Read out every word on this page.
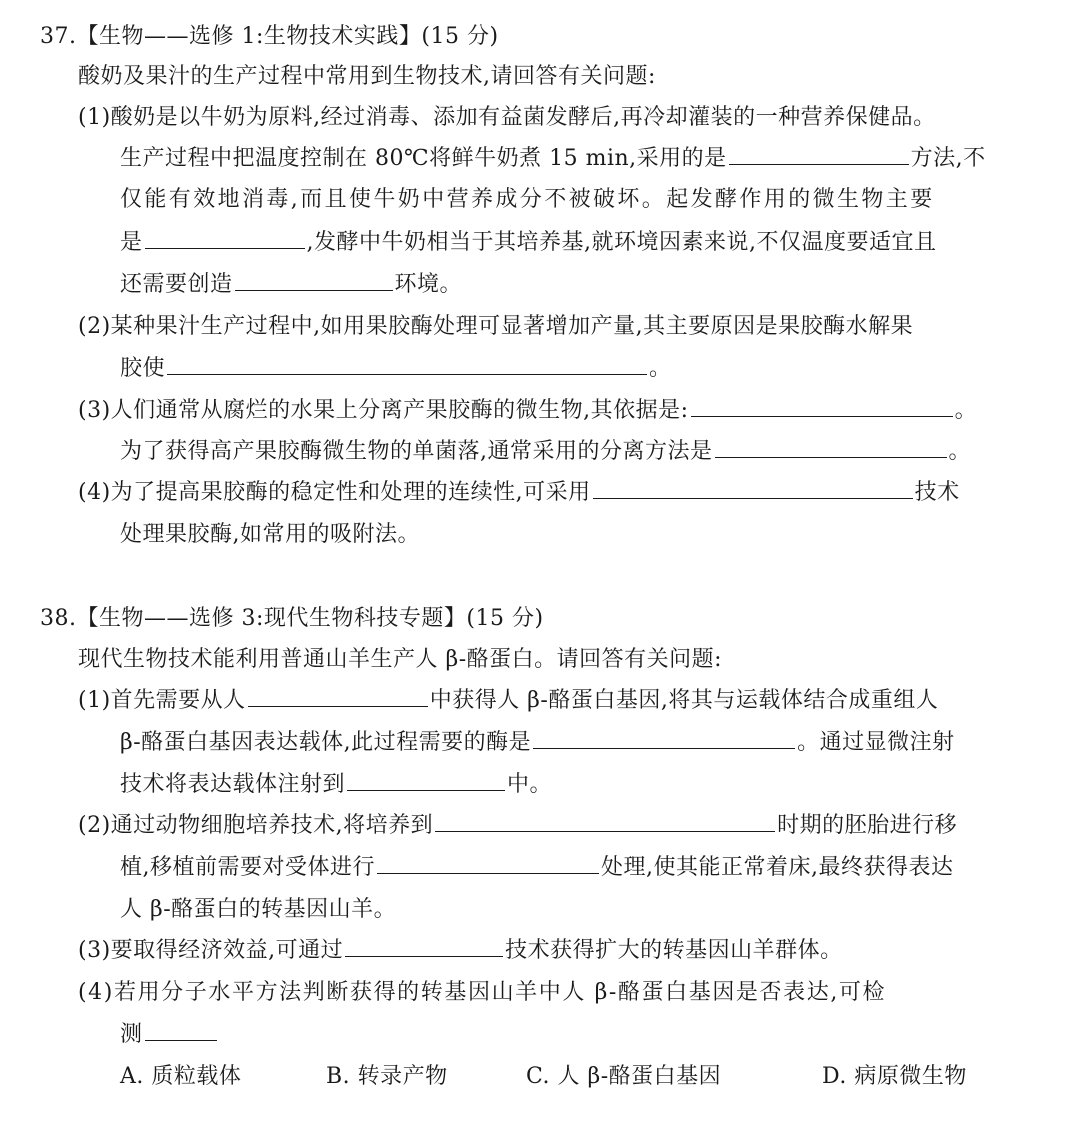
37.【生物——选修 1:生物技术实践】(15 分)
酸奶及果汁的生产过程中常用到生物技术,请回答有关问题:
(1)酸奶是以牛奶为原料,经过消毒、添加有益菌发酵后,再冷却灌装的一种营养保健品。
生产过程中把温度控制在 80℃将鲜牛奶煮 15 min,采用的是	方法,不
仅能有效地消毒,而且使牛奶中营养成分不被破坏。起发酵作用的微生物主要
是	,发酵中牛奶相当于其培养基,就环境因素来说,不仅温度要适宜且
还需要创造	环境。
(2)某种果汁生产过程中,如用果胶酶处理可显著增加产量,其主要原因是果胶酶水解果
胶使	。
(3)人们通常从腐烂的水果上分离产果胶酶的微生物,其依据是:	。
为了获得高产果胶酶微生物的单菌落,通常采用的分离方法是	。
(4)为了提高果胶酶的稳定性和处理的连续性,可采用	技术
处理果胶酶,如常用的吸附法。
38.【生物——选修 3:现代生物科技专题】(15 分)
现代生物技术能利用普通山羊生产人 β-酪蛋白。请回答有关问题:
(1)首先需要从人	中获得人 β-酪蛋白基因,将其与运载体结合成重组人
β-酪蛋白基因表达载体,此过程需要的酶是	。通过显微注射
技术将表达载体注射到	中。
(2)通过动物细胞培养技术,将培养到	时期的胚胎进行移
植,移植前需要对受体进行	处理,使其能正常着床,最终获得表达
人 β-酪蛋白的转基因山羊。
(3)要取得经济效益,可通过	技术获得扩大的转基因山羊群体。
(4)若用分子水平方法判断获得的转基因山羊中人 β-酪蛋白基因是否表达,可检
测
A. 质粒载体	B. 转录产物	C. 人 β-酪蛋白基因	D. 病原微生物
